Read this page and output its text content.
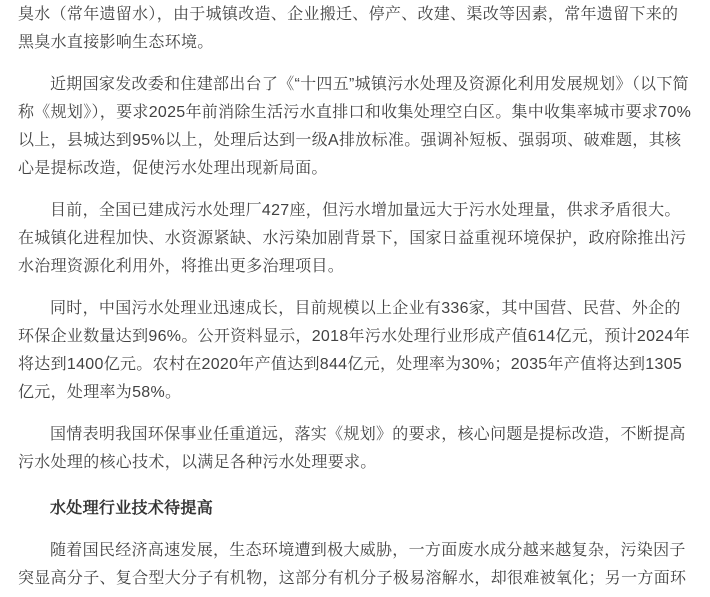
臭水（常年遗留水），由于城镇改造、企业搬迁、停产、改建、渠改等因素，常年遗留下来的黑臭水直接影响生态环境。

近期国家发改委和住建部出台了《“十四五”城镇污水处理及资源化利用发展规划》（以下简称《规划》），要求2025年前消除生活污水直排口和收集处理空白区。集中收集率城市要求70%以上，县城达到95%以上，处理后达到一级A排放标准。强调补短板、强弱项、破难题，其核心是提标改造，促使污水处理出现新局面。

目前，全国已建成污水处理厂427座，但污水增加量远大于污水处理量，供求矛盾很大。在城镇化进程加快、水资源紧缺、水污染加剧背景下，国家日益重视环境保护，政府除推出污水治理资源化利用外，将推出更多治理项目。

同时，中国污水处理业迅速成长，目前规模以上企业有336家，其中国营、民营、外企的环保企业数量达到96%。公开资料显示，2018年污水处理行业形成产值614亿元，预计2024年将达到1400亿元。农村在2020年产值达到844亿元，处理率为30%；2035年产值将达到1305亿元，处理率为58%。

国情表明我国环保事业任重道远，落实《规划》的要求，核心问题是提标改造，不断提高污水处理的核心技术，以满足各种污水处理要求。

水处理行业技术待提高

随着国民经济高速发展，生态环境遭到极大威胁，一方面废水成分越来越复杂，污染因子突显高分子、复合型大分子有机物，这部分有机分子极易溶解水，却很难被氧化；另一方面环
